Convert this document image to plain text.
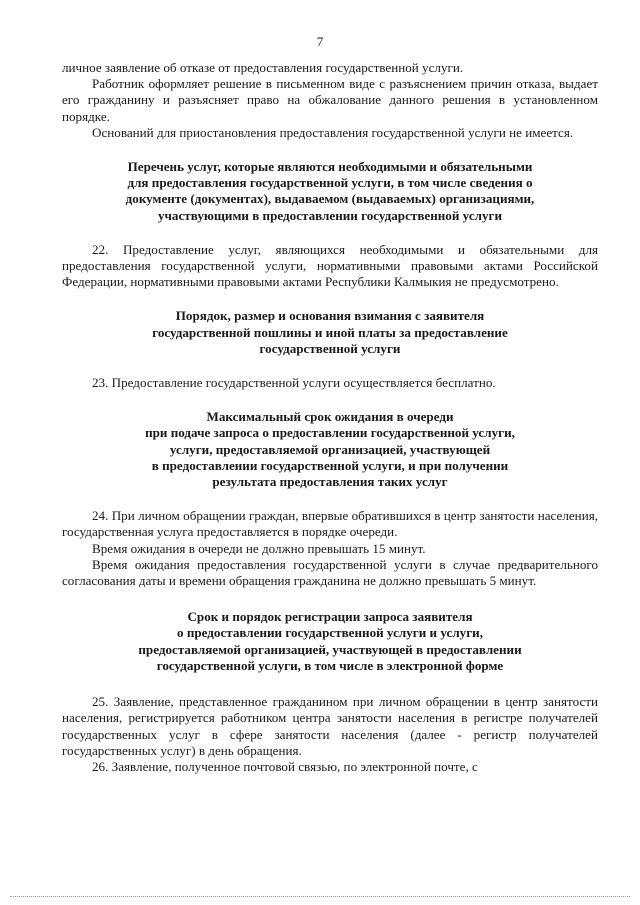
7

личное заявление об отказе от предоставления государственной услуги.

Работник оформляет решение в письменном виде с разъяснением причин отказа, выдает его гражданину и разъясняет право на обжалование данного решения в установленном порядке.

Оснований для приостановления предоставления государственной услуги не имеется.

Перечень услуг, которые являются необходимыми и обязательными

для предоставления государственной услуги, в том числе сведения о

документе (документах), выдаваемом (выдаваемых) организациями,

участвующими в предоставлении государственной услуги

22. Предоставление услуг, являющихся необходимыми и обязательными для предоставления государственной услуги, нормативными правовыми актами Российской Федерации, нормативными правовыми актами Республики Калмыкия не предусмотрено.

Порядок, размер и основания взимания с заявителя

государственной пошлины и иной платы за предоставление

государственной услуги

23. Предоставление государственной услуги осуществляется бесплатно.

Максимальный срок ожидания в очереди

при подаче запроса о предоставлении государственной услуги,

услуги, предоставляемой организацией, участвующей

в предоставлении государственной услуги, и при получении

результата предоставления таких услуг

24. При личном обращении граждан, впервые обратившихся в центр занятости населения, государственная услуга предоставляется в порядке очереди.

Время ожидания в очереди не должно превышать 15 минут.

Время ожидания предоставления государственной услуги в случае предварительного согласования даты и времени обращения гражданина не должно превышать 5 минут.

Срок и порядок регистрации запроса заявителя

о предоставлении государственной услуги и услуги,

предоставляемой организацией, участвующей в предоставлении

государственной услуги, в том числе в электронной форме

25. Заявление, представленное гражданином при личном обращении в центр занятости населения, регистрируется работником центра занятости населения в регистре получателей государственных услуг в сфере занятости населения (далее - регистр получателей государственных услуг) в день обращения.

26. Заявление, полученное почтовой связью, по электронной почте, с
